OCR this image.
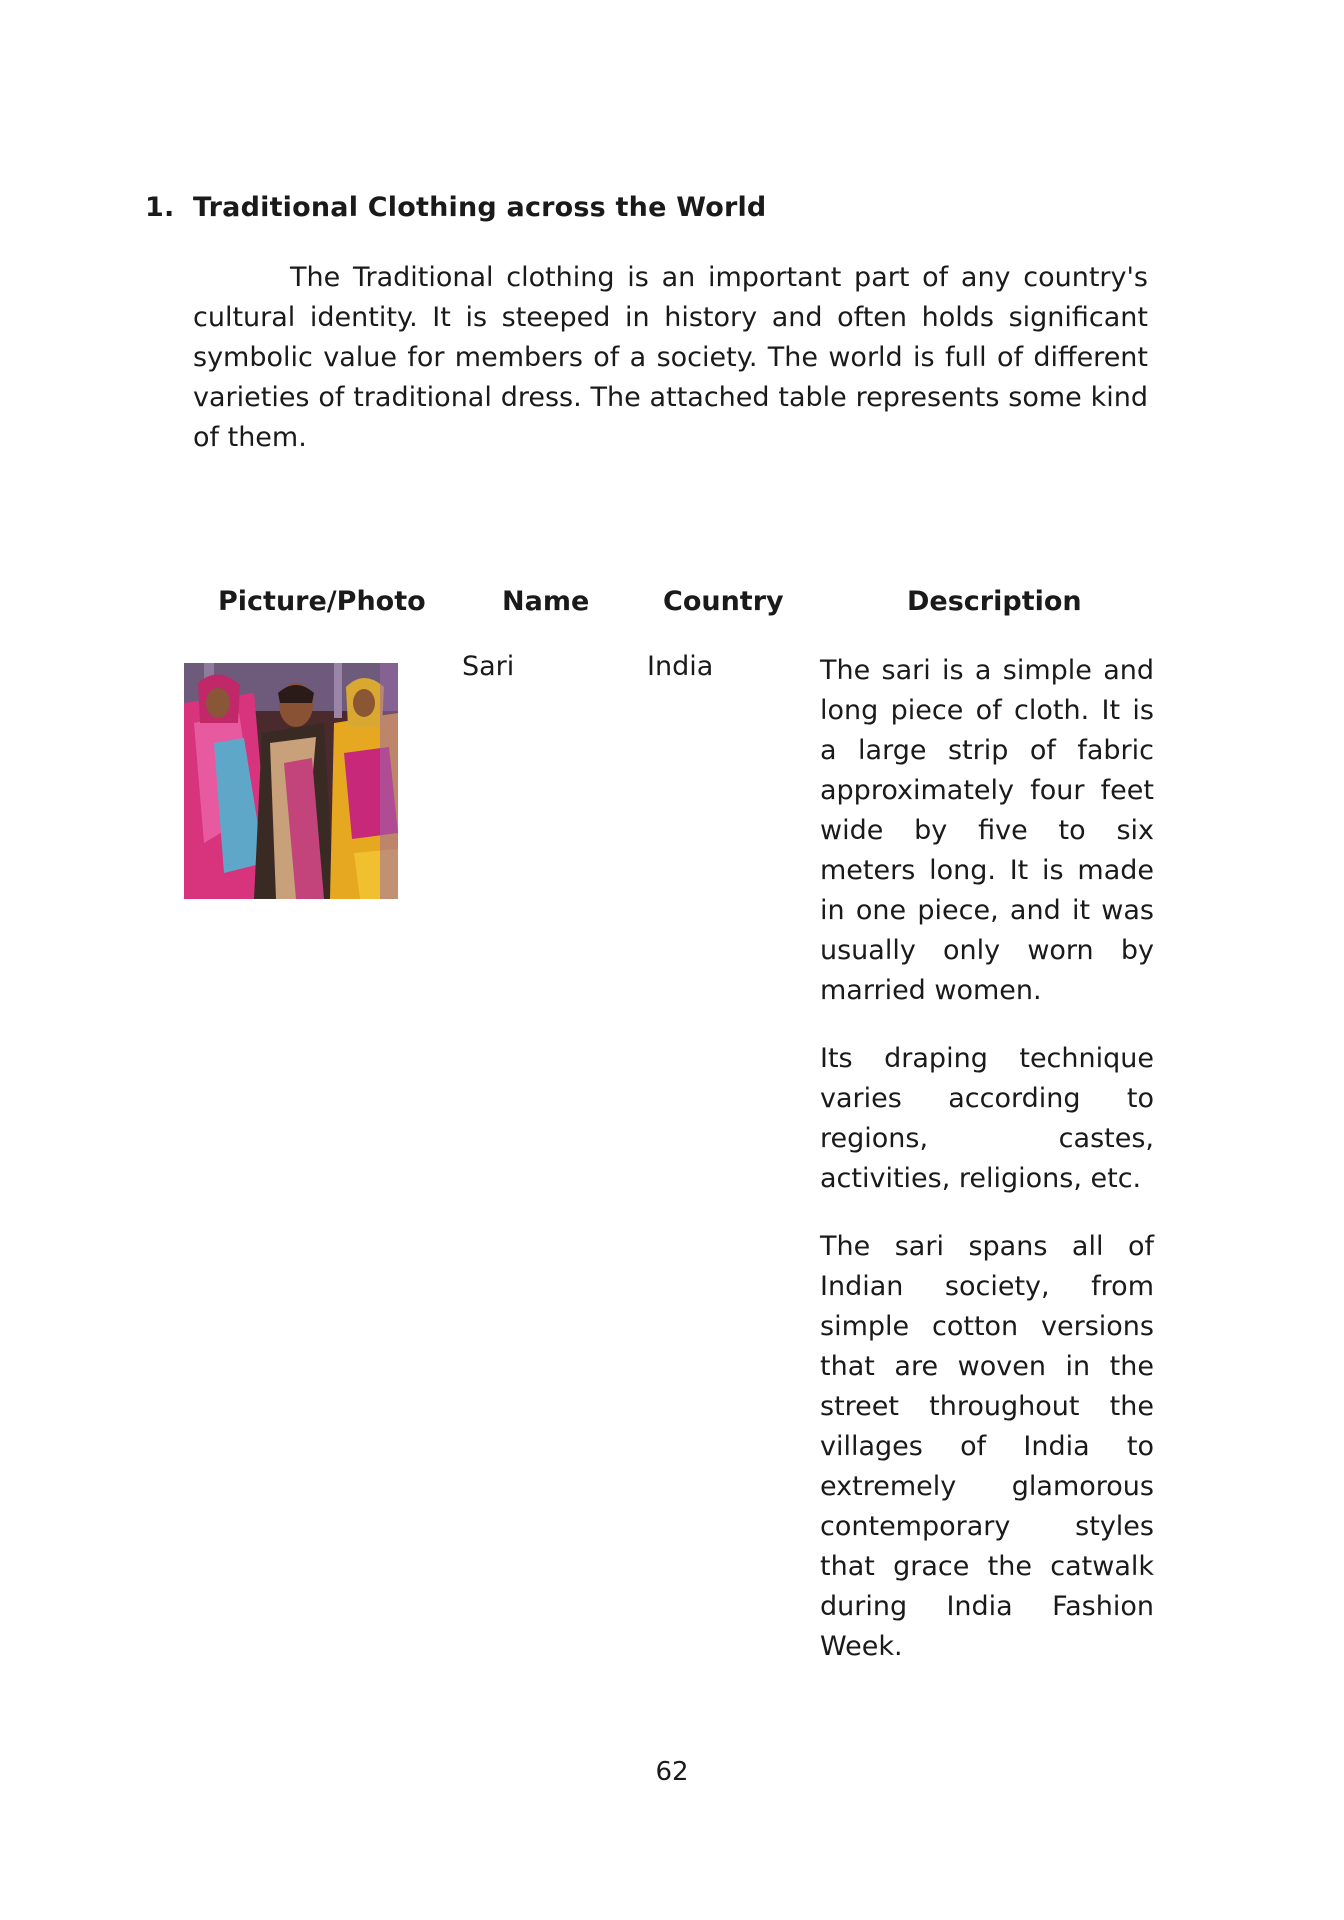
1. Traditional Clothing across the World
The Traditional clothing is an important part of any country's cultural identity. It is steeped in history and often holds significant symbolic value for members of a society. The world is full of different varieties of traditional dress. The attached table represents some kind of them.
Picture/Photo	Name	Country	Description
Sari	India	The sari is a simple and long piece of cloth. It is a large strip of fabric approximately four feet wide by five to six meters long. It is made in one piece, and it was usually only worn by married women.

Its draping technique varies according to regions, castes, activities, religions, etc.

The sari spans all of Indian society, from simple cotton versions that are woven in the street throughout the villages of India to extremely glamorous contemporary styles that grace the catwalk during India Fashion Week.

62
